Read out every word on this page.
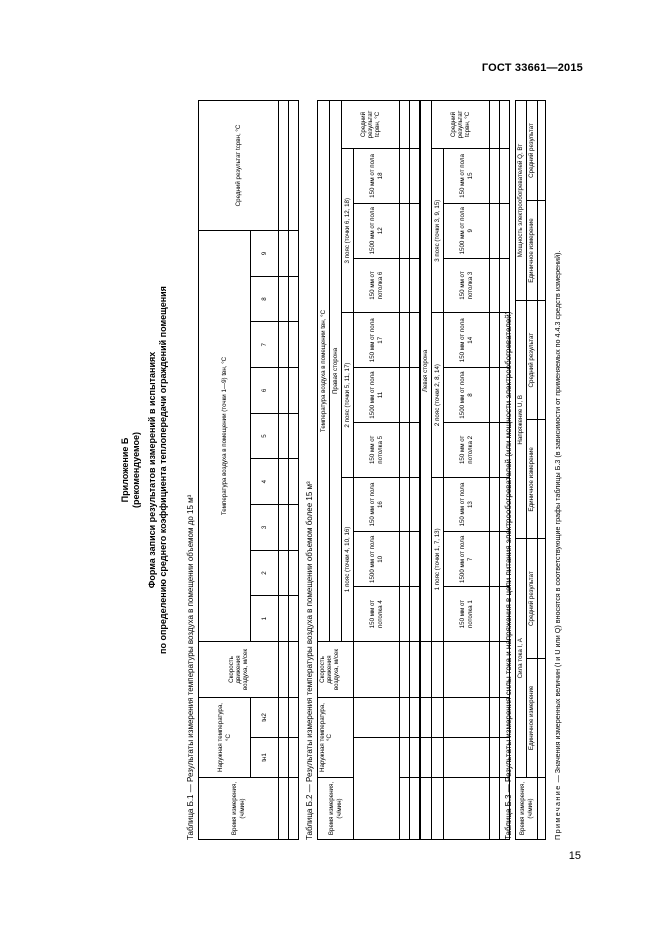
ГОСТ 33661—2015
Приложение Б (рекомендуемое) Форма записи результатов измерений в испытаниях по определению среднего коэффициента теплопередачи ограждений помещения
Таблица Б.1 — Результаты измерения температуры воздуха в помещении объемом до 15 м³	Время измерения, (ч/мин)	Наружная температура, °С		Скорость движения воздуха, м/сек	Температура воздуха в помещении (точки 1—9) tвн, °С									Средний результат tсрвн, °С
	tн1	tн2		1	2	3	4	5	6	7	8	9	

Таблица Б.2 — Результаты измерения температуры воздуха в помещении объемом более 15 м³ Время измерения, (ч/мин)	Наружная температура, °С		Скорость движения воздуха, м/сек	Температура воздуха в помещении tвн, °С									
				Правая сторона									
				1 пояс (точки 4, 10, 16)			2 пояс (точки 5, 11, 17)			3 пояс (точки 6, 12, 18)			Средний результат tсрвн, °С
				150 мм от потолка 4	1500 мм от пола 10	150 мм от пола 16	150 мм от потолка 5	1500 мм от пола 11	150 мм от пола 17	150 мм от потолка 6	1500 мм от пола 12	150 мм от пола 18	

				Левая сторона									
				1 пояс (точки 1, 7, 13)			2 пояс (точки 2, 8, 14)			3 пояс (точки 3, 9, 15)			Средний результат tсрвн, °С
				150 мм от потолка 1	1500 мм от пола 7	150 мм от пола 13	150 мм от потолка 2	1500 мм от пола 8	150 мм от пола 14	150 мм от потолка 3	1500 мм от пола 9	150 мм от пола 15	

Таблица Б.3 — Результаты измерения силы тока и напряжения в цепи питания электрообогревателей (или мощности электрообогревателей) Время измерения, (ч/мин)	Сила тока I, А		Напряжение U, В		Мощность электрообогревателей Q, Вт	
	Единичное измерение	Средний результат	Единичное измерение	Средний результат	Единичное измерение	Средний результат

Примечание — Значения измеренных величин (I и U или Q) вносятся в соответствующие графы таблицы Б.3 (в зависимости от применяемых по 4.4.3 средств измерений).
15
